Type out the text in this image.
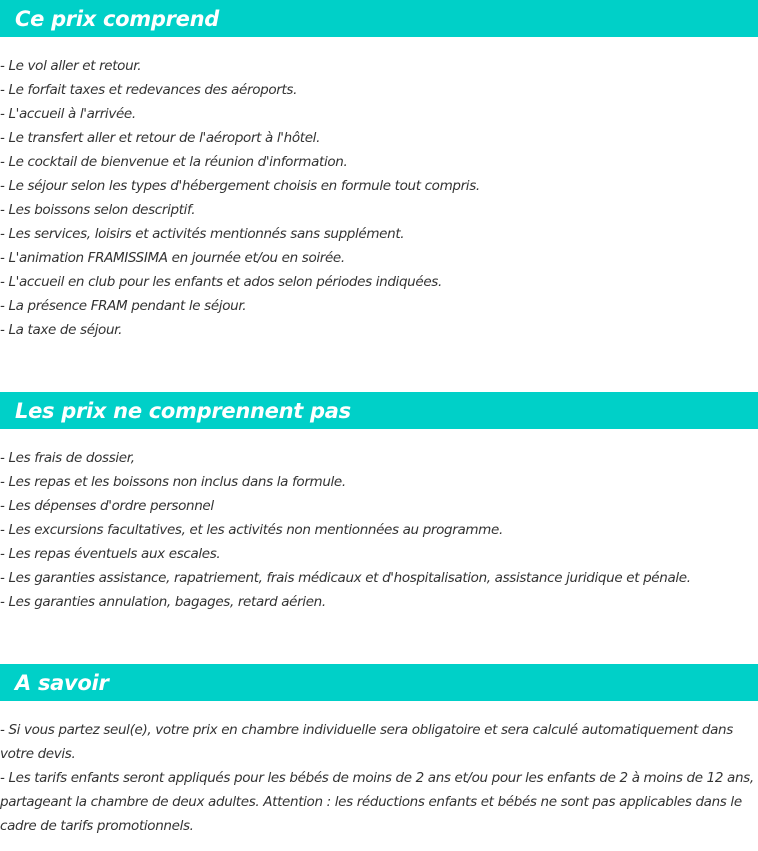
Ce prix comprend
- Le vol aller et retour.
- Le forfait taxes et redevances des aéroports.
- L'accueil à l'arrivée.
- Le transfert aller et retour de l'aéroport à l'hôtel.
- Le cocktail de bienvenue et la réunion d'information.
- Le séjour selon les types d'hébergement choisis en formule tout compris.
- Les boissons selon descriptif.
- Les services, loisirs et activités mentionnés sans supplément.
- L'animation FRAMISSIMA en journée et/ou en soirée.
- L'accueil en club pour les enfants et ados selon périodes indiquées.
- La présence FRAM pendant le séjour.
- La taxe de séjour.
Les prix ne comprennent pas
- Les frais de dossier,
- Les repas et les boissons non inclus dans la formule.
- Les dépenses d'ordre personnel
- Les excursions facultatives, et les activités non mentionnées au programme.
- Les repas éventuels aux escales.
- Les garanties assistance, rapatriement, frais médicaux et d'hospitalisation, assistance juridique et pénale.
- Les garanties annulation, bagages, retard aérien.
A savoir
- Si vous partez seul(e), votre prix en chambre individuelle sera obligatoire et sera calculé automatiquement dans votre devis.
- Les tarifs enfants seront appliqués pour les bébés de moins de 2 ans et/ou pour les enfants de 2 à moins de 12 ans, partageant la chambre de deux adultes. Attention : les réductions enfants et bébés ne sont pas applicables dans le cadre de tarifs promotionnels.
